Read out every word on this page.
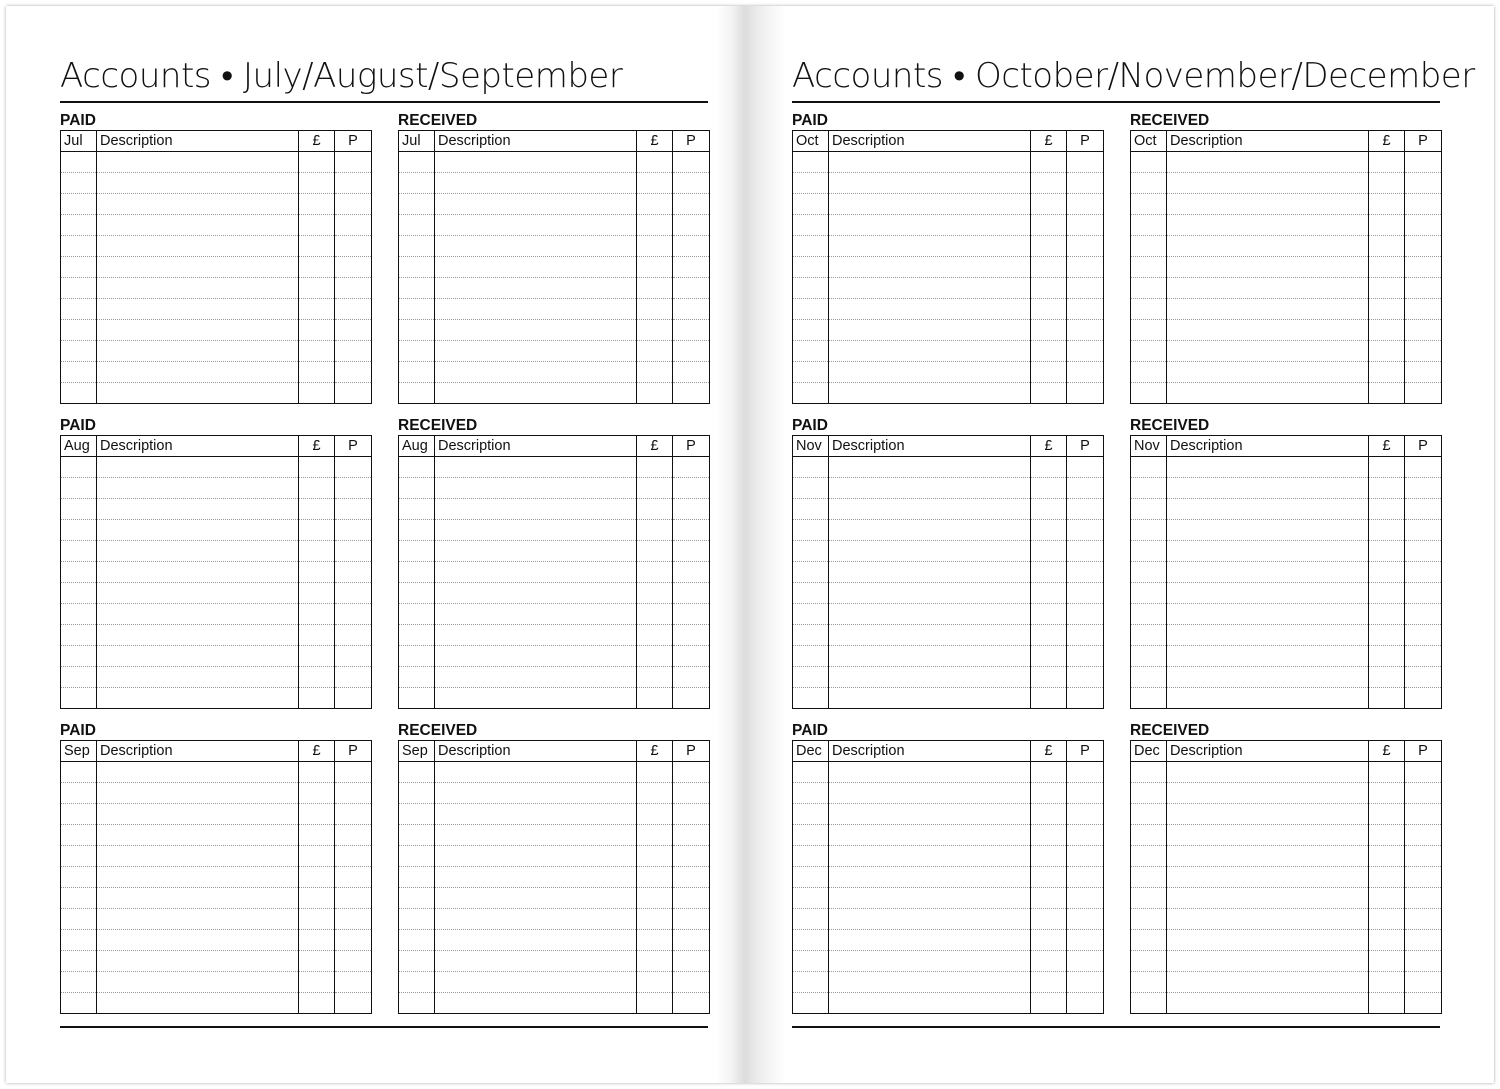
Accounts • July/August/September
PAID
Jul	Description	£	P

RECEIVED
Jul	Description	£	P

PAID
Aug	Description	£	P

RECEIVED
Aug	Description	£	P

PAID
Sep	Description	£	P

RECEIVED
Sep	Description	£	P

Accounts • October/November/December
PAID
Oct	Description	£	P

RECEIVED
Oct	Description	£	P

PAID
Nov	Description	£	P

RECEIVED
Nov	Description	£	P

PAID
Dec	Description	£	P

RECEIVED
Dec	Description	£	P
